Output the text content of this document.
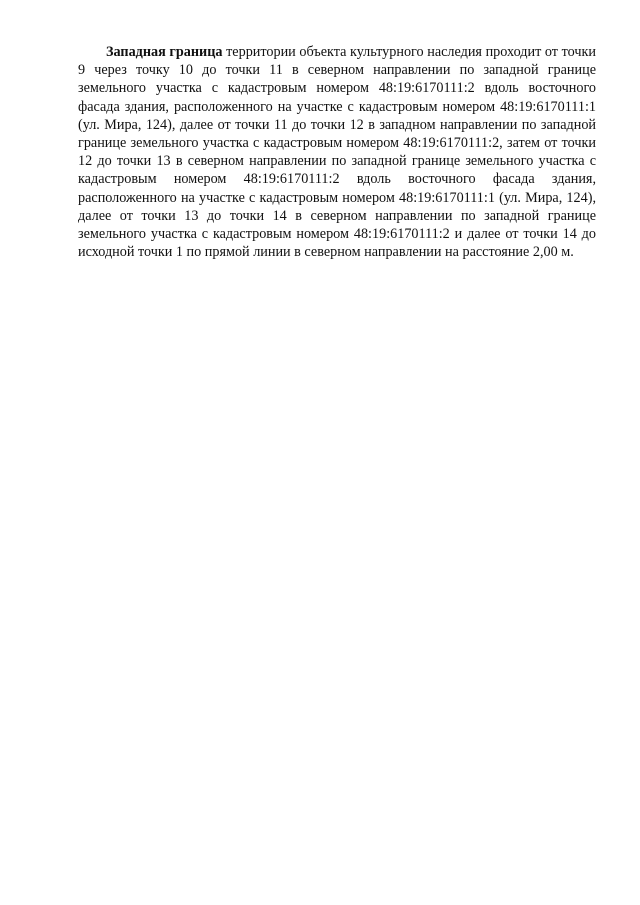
Западная граница территории объекта культурного наследия проходит от точки 9 через точку 10 до точки 11 в северном направлении по западной границе земельного участка с кадастровым номером 48:19:6170111:2 вдоль восточного фасада здания, расположенного на участке с кадастровым номером 48:19:6170111:1 (ул. Мира, 124), далее от точки 11 до точки 12 в западном направлении по западной границе земельного участка с кадастровым номером 48:19:6170111:2, затем от точки 12 до точки 13 в северном направлении по западной границе земельного участка с кадастровым номером 48:19:6170111:2 вдоль восточного фасада здания, расположенного на участке с кадастровым номером 48:19:6170111:1 (ул. Мира, 124), далее от точки 13 до точки 14 в северном направлении по западной границе земельного участка с кадастровым номером 48:19:6170111:2 и далее от точки 14 до исходной точки 1 по прямой линии в северном направлении на расстояние 2,00 м.
